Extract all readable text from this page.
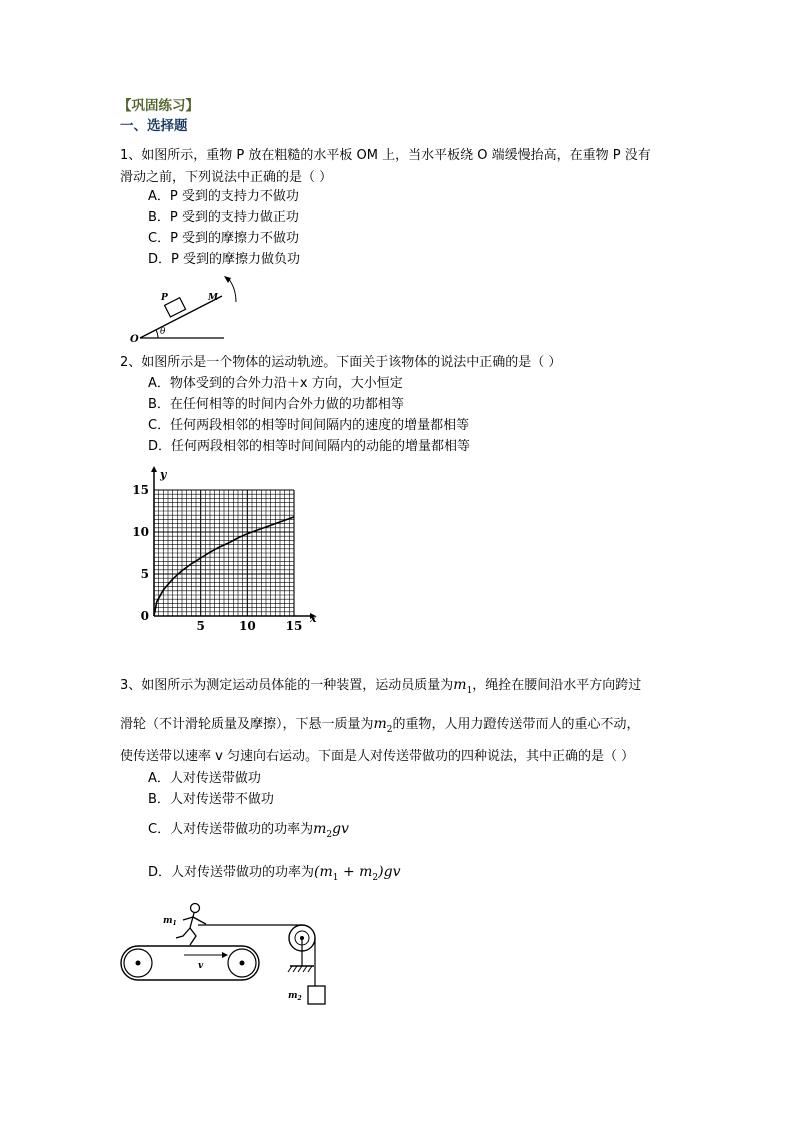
【巩固练习】
一、选择题
1、如图所示，重物 P 放在粗糙的水平板 OM 上，当水平板绕 O 端缓慢抬高，在重物 P 没有
滑动之前，下列说法中正确的是（ ）
A．P 受到的支持力不做功
B．P 受到的支持力做正功
C．P 受到的摩擦力不做功
D．P 受到的摩擦力做负功
O
P	M
θ
2、如图所示是一个物体的运动轨迹。下面关于该物体的说法中正确的是（ ）
A．物体受到的合外力沿＋x 方向，大小恒定
B．在任何相等的时间内合外力做的功都相等
C．任何两段相邻的相等时间间隔内的速度的增量都相等
D．任何两段相邻的相等时间间隔内的动能的增量都相等
x
y
5	10 15
0
5
10
15
3、如图所示为测定运动员体能的一种装置，运动员质量为$m_1$，绳拴在腰间沿水平方向跨过
滑轮（不计滑轮质量及摩擦），下悬一质量为$m_2$的重物，人用力蹬传送带而人的重心不动，
使传送带以速率 v 匀速向右运动。下面是人对传送带做功的四种说法，其中正确的是（ ）
A．人对传送带做功
B．人对传送带不做功
C．人对传送带做功的功率为$m_2gv$
D．人对传送带做功的功率为$(m_1 + m_2)gv$
v
$m_1$
$m_2$
